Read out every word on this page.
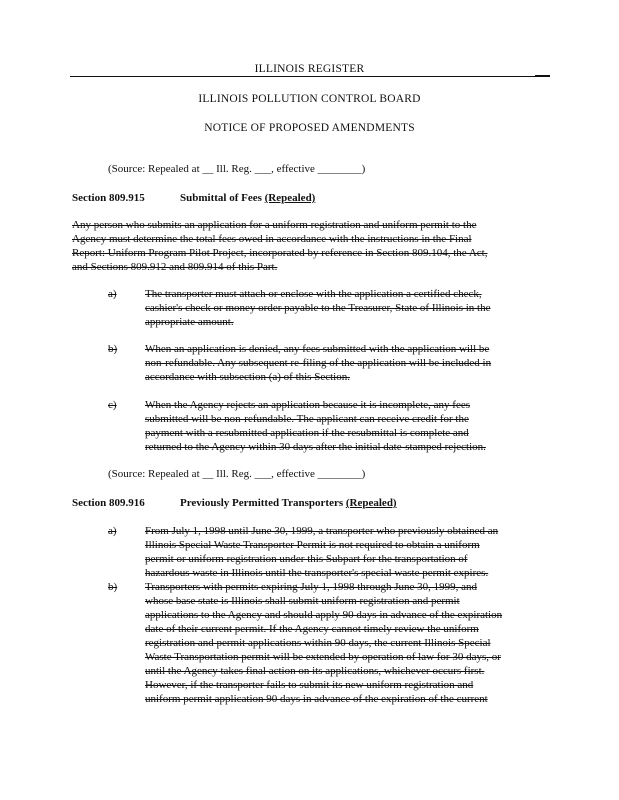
ILLINOIS REGISTER
ILLINOIS POLLUTION CONTROL BOARD
NOTICE OF PROPOSED AMENDMENTS
(Source: Repealed at __ Ill. Reg. ___, effective ________)
Section 809.915	Submittal of Fees (Repealed)
Any person who submits an application for a uniform registration and uniform permit to the
Agency must determine the total fees owed in accordance with the instructions in the Final
Report: Uniform Program Pilot Project, incorporated by reference in Section 809.104, the Act,
and Sections 809.912 and 809.914 of this Part.
a)	The transporter must attach or enclose with the application a certified check,
cashier's check or money order payable to the Treasurer, State of Illinois in the
appropriate amount.
b)	When an application is denied, any fees submitted with the application will be
non-refundable. Any subsequent re-filing of the application will be included in
accordance with subsection (a) of this Section.
c)	When the Agency rejects an application because it is incomplete, any fees
submitted will be non-refundable. The applicant can receive credit for the
payment with a resubmitted application if the resubmittal is complete and
returned to the Agency within 30 days after the initial date-stamped rejection.
(Source: Repealed at __ Ill. Reg. ___, effective ________)
Section 809.916	Previously Permitted Transporters (Repealed)
a)	From July 1, 1998 until June 30, 1999, a transporter who previously obtained an
Illinois Special Waste Transporter Permit is not required to obtain a uniform
permit or uniform registration under this Subpart for the transportation of
hazardous waste in Illinois until the transporter's special waste permit expires.
b)	Transporters with permits expiring July 1, 1998 through June 30, 1999, and
whose base state is Illinois shall submit uniform registration and permit
applications to the Agency and should apply 90 days in advance of the expiration
date of their current permit. If the Agency cannot timely review the uniform
registration and permit applications within 90 days, the current Illinois Special
Waste Transportation permit will be extended by operation of law for 30 days, or
until the Agency takes final action on its applications, whichever occurs first.
However, if the transporter fails to submit its new uniform registration and
uniform permit application 90 days in advance of the expiration of the current
